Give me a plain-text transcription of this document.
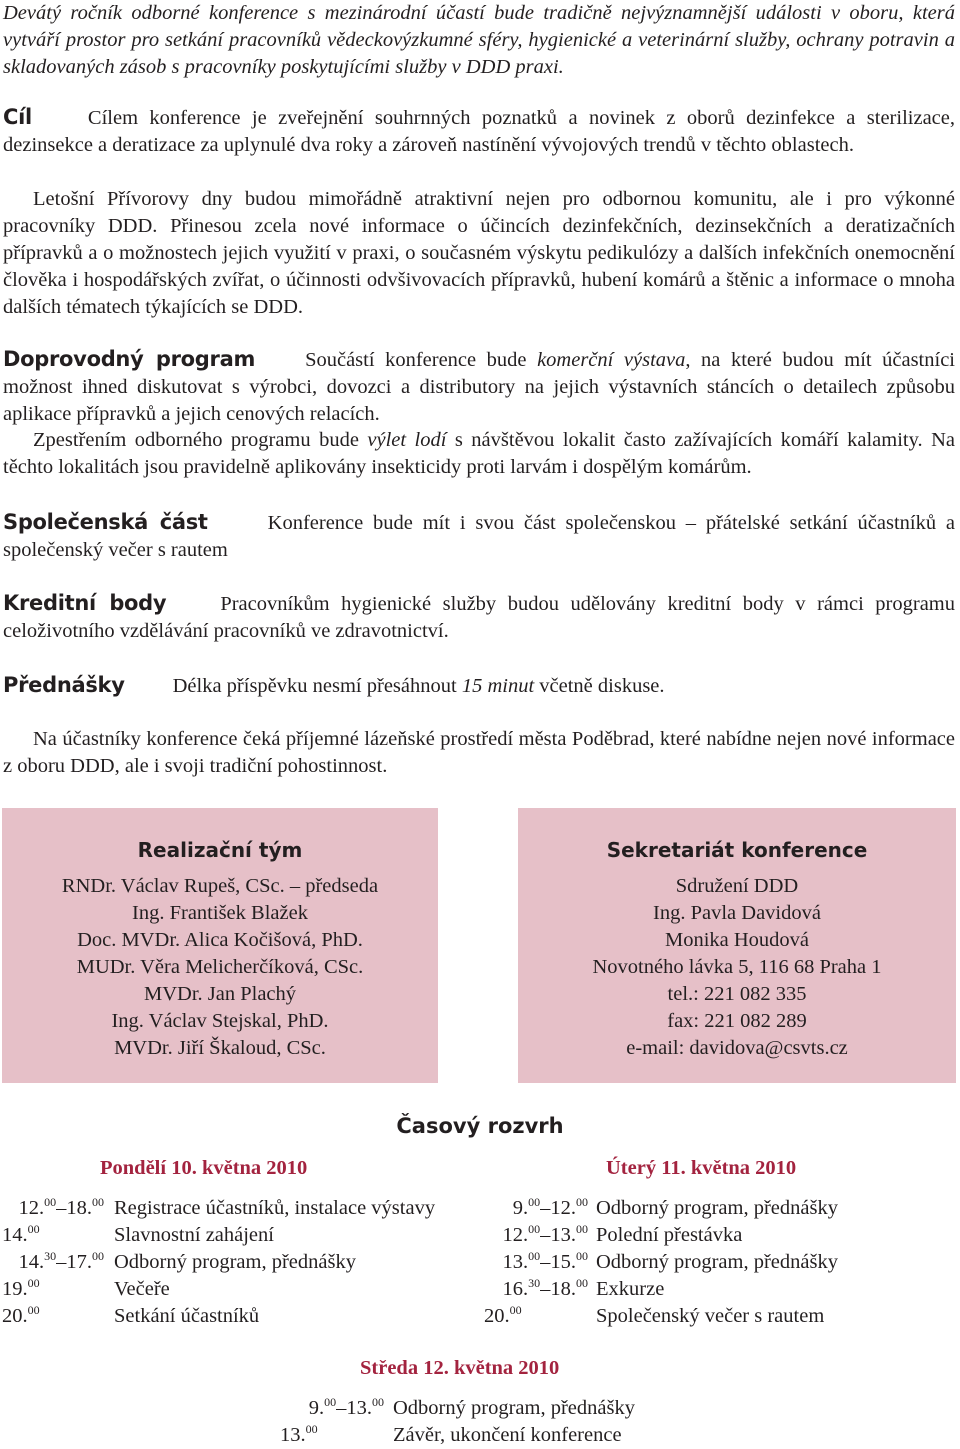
Devátý ročník odborné konference s mezinárodní účastí bude tradičně nejvýznamnější události v oboru, která vytváří prostor pro setkání pracovníků vědeckovýzkumné sféry, hygienické a veterinární služby, ochrany potravin a skladovaných zásob s pracovníky poskytujícími služby v DDD praxi.

Cíl	Cílem konference je zveřejnění souhrnných poznatků a novinek z oborů dezinfekce a sterilizace, dezinsekce a deratizace za uplynulé dva roky a zároveň nastínění vývojových trendů v těchto oblastech.

Letošní Přívorovy dny budou mimořádně atraktivní nejen pro odbornou komunitu, ale i pro výkonné pracovníky DDD. Přinesou zcela nové informace o účincích dezinfekčních, dezinsekčních a deratizačních přípravků a o možnostech jejich využití v praxi, o současném výskytu pedikulózy a dalších infekčních onemocnění člověka i hospodářských zvířat, o účinnosti odvšivovacích přípravků, hubení komárů a štěnic a informace o mnoha dalších tématech týkajících se DDD.

Doprovodný program Součástí konference bude komerční výstava, na které budou mít účastníci možnost ihned diskutovat s výrobci, dovozci a distributory na jejich výstavních stáncích o detailech způsobu aplikace přípravků a jejich cenových relacích.

Zpestřením odborného programu bude výlet lodí s návštěvou lokalit často zažívajících komáří kalamity. Na těchto lokalitách jsou pravidelně aplikovány insekticidy proti larvám i dospělým komárům.

Společenská část	Konference bude mít i svou část společenskou – přátelské setkání účastníků a společenský večer s rautem

Kreditní body	Pracovníkům hygienické služby budou udělovány kreditní body v rámci programu celoživotního vzdělávání pracovníků ve zdravotnictví.

Přednášky Délka příspěvku nesmí přesáhnout 15 minut včetně diskuse.

Na účastníky konference čeká příjemné lázeňské prostředí města Poděbrad, které nabídne nejen nové informace z oboru DDD, ale i svoji tradiční pohostinnost.

Realizační tým
RNDr. Václav Rupeš, CSc. – předseda
Ing. František Blažek
Doc. MVDr. Alica Kočišová, PhD.
MUDr. Věra Melicherčíková, CSc.
MVDr. Jan Plachý
Ing. Václav Stejskal, PhD.
MVDr. Jiří Škaloud, CSc.
Sekretariát konference
Sdružení DDD
Ing. Pavla Davidová
Monika Houdová
Novotného lávka 5, 116 68 Praha 1
tel.: 221 082 335
fax: 221 082 289
e-mail: davidova@csvts.cz
Časový rozvrh
Pondělí 10. května 2010
12.00–18.00 Registrace účastníků, instalace výstavy
14.00	Slavnostní zahájení
14.30–17.00 Odborný program, přednášky
19.00	Večeře
20.00	Setkání účastníků
Úterý 11. května 2010
9.00–12.00 Odborný program, přednášky
12.00–13.00 Polední přestávka
13.00–15.00 Odborný program, přednášky
16.30–18.00 Exkurze
20.00	Společenský večer s rautem
Středa 12. května 2010
9.00–13.00 Odborný program, přednášky
13.00	Závěr, ukončení konference
